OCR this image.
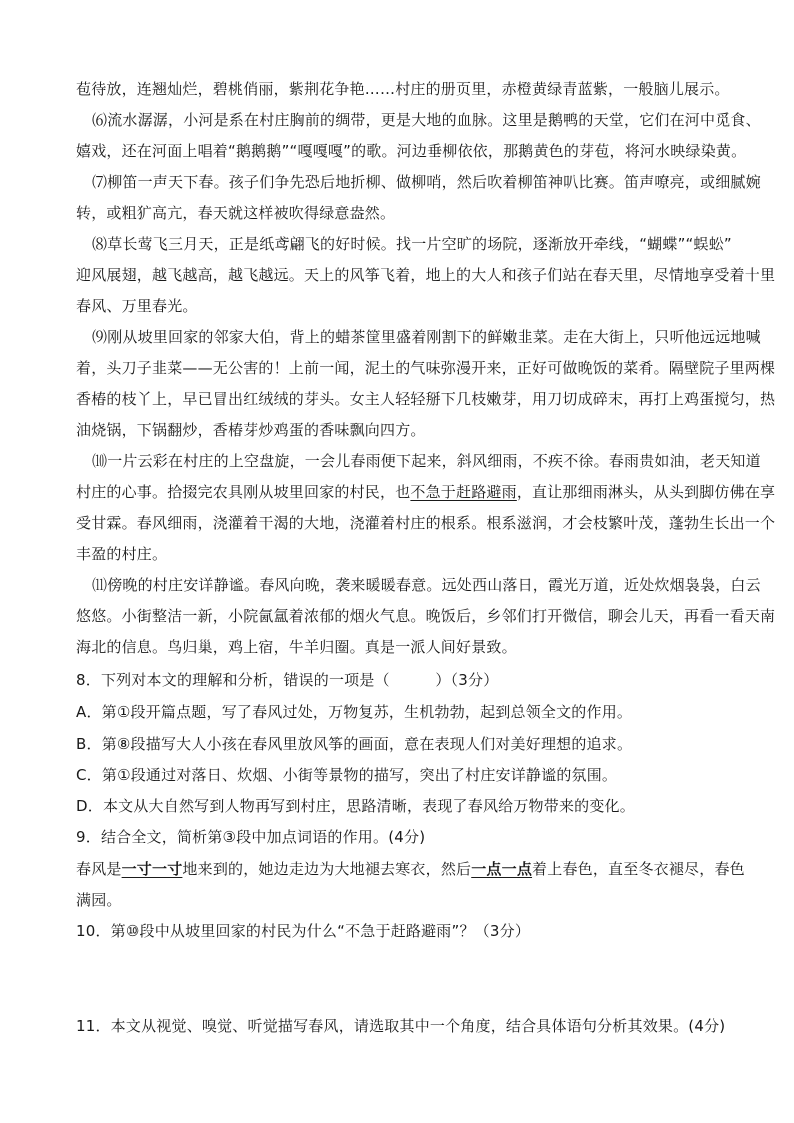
苞待放，连翘灿烂，碧桃俏丽，紫荆花争艳……村庄的册页里，赤橙黄绿青蓝紫，一般脑儿展示。
⑹流水潺潺，小河是系在村庄胸前的绸带，更是大地的血脉。这里是鹅鸭的天堂，它们在河中觅食、
嬉戏，还在河面上唱着“鹅鹅鹅”“嘎嘎嘎”的歌。河边垂柳依依，那鹅黄色的芽苞，将河水映绿染黄。
⑺柳笛一声天下春。孩子们争先恐后地折柳、做柳哨，然后吹着柳笛神叭比赛。笛声嘹亮，或细腻婉
转，或粗犷高亢，春天就这样被吹得绿意盎然。
⑻草长莺飞三月天，正是纸鸢翩飞的好时候。找一片空旷的场院，逐渐放开牵线，“蝴蝶”“蜈蚣”
迎风展翅，越飞越高，越飞越远。天上的风筝飞着，地上的大人和孩子们站在春天里，尽情地享受着十里
春风、万里春光。
⑼刚从坡里回家的邻家大伯，背上的蜡茶筐里盛着刚割下的鲜嫩韭菜。走在大街上，只听他远远地喊
着，头刀子韭菜——无公害的！上前一闻，泥土的气味弥漫开来，正好可做晚饭的菜肴。隔壁院子里两棵
香椿的枝丫上，早已冒出红绒绒的芽头。女主人轻轻掰下几枝嫩芽，用刀切成碎末，再打上鸡蛋搅匀，热
油烧锅，下锅翻炒，香椿芽炒鸡蛋的香味飘向四方。
⑽一片云彩在村庄的上空盘旋，一会儿春雨便下起来，斜风细雨，不疾不徐。春雨贵如油，老天知道
村庄的心事。拾掇完农具刚从坡里回家的村民，也不急于赶路避雨，直让那细雨淋头，从头到脚仿佛在享
受甘霖。春风细雨，浇灌着干渴的大地，浇灌着村庄的根系。根系滋润，才会枝繁叶茂，蓬勃生长出一个
丰盈的村庄。
⑾傍晚的村庄安详静谧。春风向晚，袭来暖暖春意。远处西山落日，霞光万道，近处炊烟袅袅，白云
悠悠。小街整洁一新，小院氤氲着浓郁的烟火气息。晚饭后，乡邻们打开微信，聊会儿天，再看一看天南
海北的信息。鸟归巢，鸡上宿，牛羊归圈。真是一派人间好景致。
8．下列对本文的理解和分析，错误的一项是（　　　）（3分）
A．第①段开篇点题，写了春风过处，万物复苏，生机勃勃，起到总领全文的作用。
B．第⑧段描写大人小孩在春风里放风筝的画面，意在表现人们对美好理想的追求。
C．第①段通过对落日、炊烟、小街等景物的描写，突出了村庄安详静谧的氛围。
D．本文从大自然写到人物再写到村庄，思路清晰，表现了春风给万物带来的变化。
9．结合全文，简析第③段中加点词语的作用。(4分)
春风是一寸一寸地来到的，她边走边为大地褪去寒衣，然后一点一点着上春色，直至冬衣褪尽，春色
满园。
10．第⑩段中从坡里回家的村民为什么“不急于赶路避雨”？（3分）
11．本文从视觉、嗅觉、听觉描写春风，请选取其中一个角度，结合具体语句分析其效果。(4分)
